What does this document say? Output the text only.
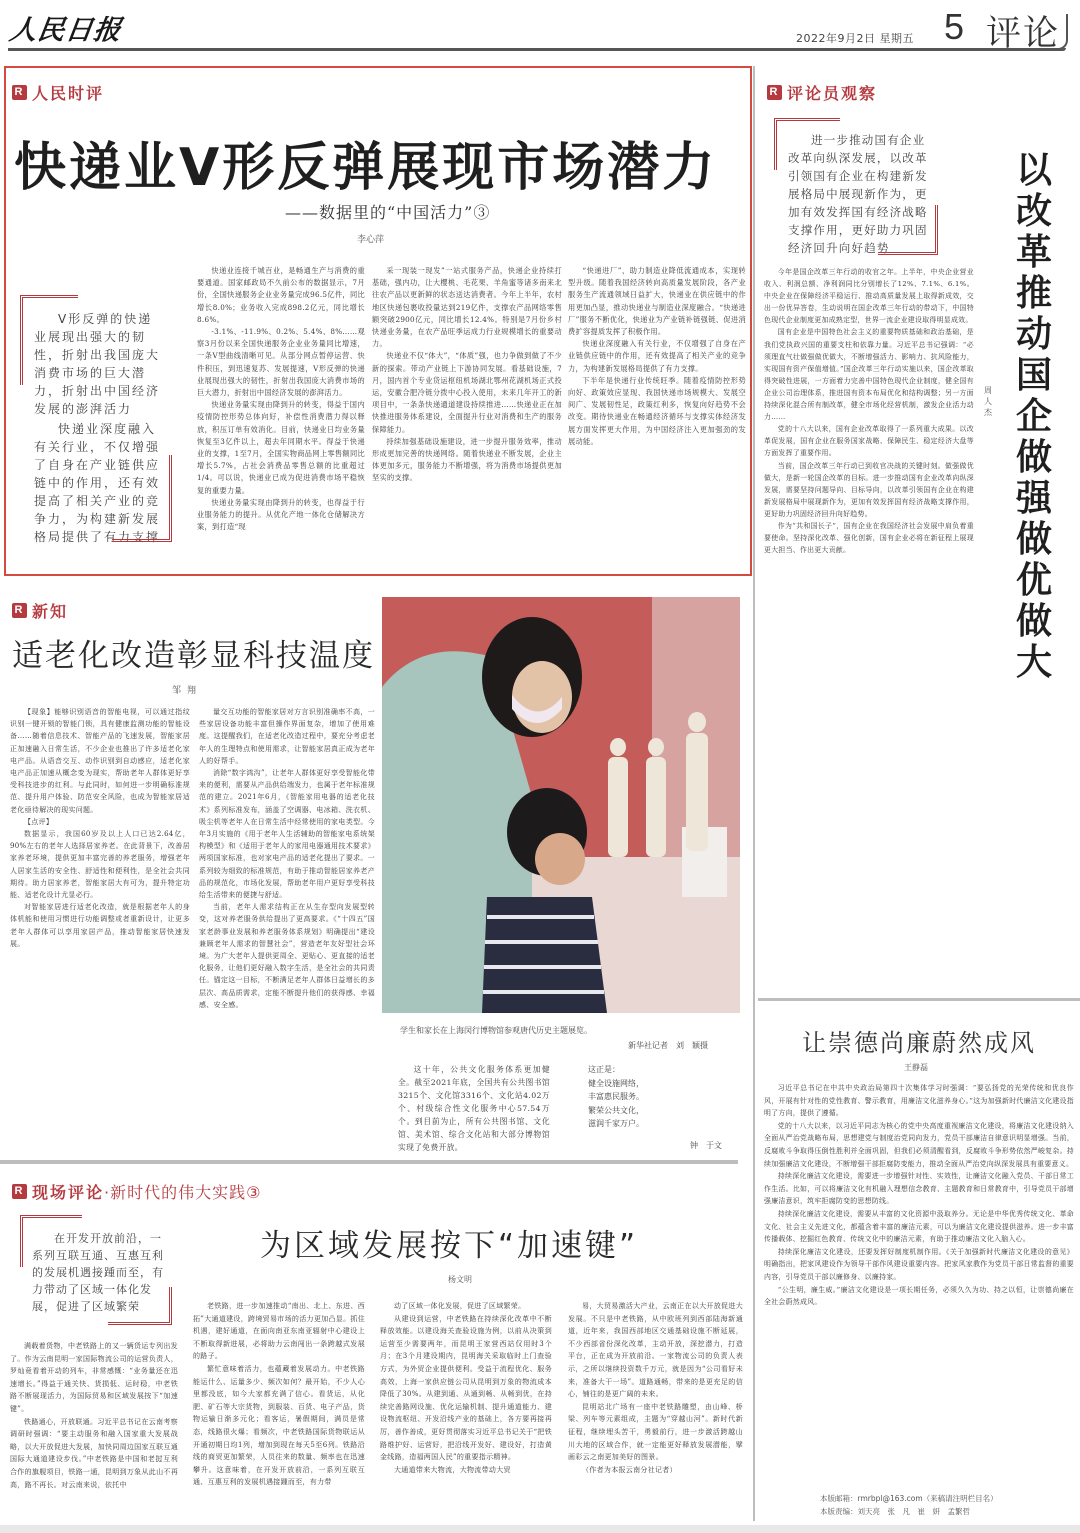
人民日报	2022年9月2日 星期五 5 评论
R 人民时评
快递业V形反弹展现市场潜力
——数据里的“中国活力”③
李心萍
V形反弹的快递业展现出强大的韧性，折射出我国庞大消费市场的巨大潜力，折射出中国经济发展的澎湃活力
快递业深度融入有关行业，不仅增强了自身在产业链供应链中的作用，还有效提高了相关产业的竞争力，为构建新发展格局提供了有力支撑

快递业连接千城百业，是畅通生产与消费的重要通道。国家邮政局不久前公布的数据显示，7月份，全国快递服务企业业务量完成96.5亿件，同比增长8.0%；业务收入完成898.2亿元，同比增长8.6%。

-3.1%、-11.9%、0.2%、5.4%、8%……观察3月份以来全国快递服务企业业务量同比增速，一条V型曲线清晰可见。从部分网点暂停运营、快件积压，到迅速复苏、发展提速，V形反弹的快递业展现出强大的韧性，折射出我国庞大消费市场的巨大潜力，折射出中国经济发展的澎湃活力。

快递业务量实现由降到升的转变，得益于国内疫情防控形势总体向好，补偿性消费潜力得以释放，积压订单有效消化。目前，快递业日均业务量恢复至3亿件以上，超去年同期水平。得益于快递业的支撑，1至7月，全国实物商品网上零售额同比增长5.7%，占社会消费品零售总额的比重超过1/4。可以说，快递业已成为促进消费市场平稳恢复的重要力量。

快递业务量实现由降到升的转变，也得益于行业服务能力的提升。从优化产地一体化仓储解决方案，到打造“现

采一现装一现发”一站式服务产品，快递企业持续打基础，强内功，让大樱桃、毛花果、羊角蜜等诸多南来北往农产品以更新鲜的状态送达消费者。今年上半年，农村地区快递包裹收投量达到219亿件，支撑农产品网络零售额突破2900亿元，同比增长12.4%。特别是7月份乡村快递业务量，在农产品旺季运成力行业规模增长的重要动力。

快递业不仅“体大”，“体质”强，也力争做到做了不少新的探索。带动产业链上下游协同发展。看基础设施，7月，国内首个专业货运枢纽机场湖北鄂州花湖机场正式投运，安徽合肥冷链分拨中心投入使用，未来几年开工的新项目中，一条条快递通道建设持续推进……快递业正在加快推进服务体系建设，全面提升行业对消费和生产的服务保障能力。

持续加强基础设施建设，进一步提升服务效率，推动形成更加完善的快递网络。随着快递业不断发展，企业主体更加多元，服务能力不断增强，将为消费市场提供更加坚实的支撑。

“快递进厂”，助力制造业降低流通成本，实现转型升级。随着我国经济转向高质量发展阶段，各产业服务生产流通领域日益扩大，快递业在供应链中的作用更加凸显，推动快递业与制造业深度融合。“快递进厂”服务不断优化，快递业为产业链补链强链、促进消费扩容提质发挥了积极作用。

快递业深度融入有关行业，不仅增强了自身在产业链供应链中的作用，还有效提高了相关产业的竞争力，为构建新发展格局提供了有力支撑。

下半年是快递行业传统旺季。随着疫情防控形势向好、政策效应显现、我国快递市场规模大、发展空间广、发展韧性足，政策红利多，恢复向好趋势不会改变。期待快递业在畅通经济循环与支撑实体经济发展方面发挥更大作用，为中国经济注入更加强劲的发展动能。

R 评论员观察
进一步推动国有企业改革向纵深发展，以改革引领国有企业在构建新发展格局中展现新作为，更加有效发挥国有经济战略支撑作用，更好助力巩固经济回升向好趋势
以改革推动国企做强做优做大
周人杰

今年是国企改革三年行动的收官之年。上半年，中央企业营业收入、利润总额、净利润同比分别增长了12%、7.1%、6.1%。中央企业在保障经济平稳运行、推动高质量发展上取得新成效，交出一份优异答卷，生动说明在国企改革三年行动的带动下，中国特色现代企业制度更加成熟定型，世界一流企业建设取得明显成效。

国有企业是中国特色社会主义的重要物质基础和政治基础，是我们党执政兴国的重要支柱和依靠力量。习近平总书记强调：“必须理直气壮做强做优做大，不断增强活力、影响力、抗风险能力，实现国有资产保值增值。”国企改革三年行动实施以来，国企改革取得突破性进展，一方面着力完善中国特色现代企业制度，健全国有企业公司治理体系，推进国有资本布局优化和结构调整；另一方面持续深化混合所有制改革，健全市场化经营机制，激发企业活力动力……

党的十八大以来，国有企业改革取得了一系列重大成果。以改革促发展，国有企业在服务国家战略、保障民生、稳定经济大盘等方面发挥了重要作用。

当前，国企改革三年行动已到收官决战的关键时刻。做强做优做大，是新一轮国企改革的目标。进一步推动国有企业改革向纵深发展，需要坚持问题导向、目标导向，以改革引领国有企业在构建新发展格局中展现新作为，更加有效发挥国有经济战略支撑作用，更好助力巩固经济回升向好趋势。

作为“共和国长子”，国有企业在我国经济社会发展中肩负着重要使命。坚持深化改革、强化创新，国有企业必将在新征程上展现更大担当、作出更大贡献。

R 新知
适老化改造彰显科技温度
邹翔

【现象】能够识别语音的智能电视，可以通过指纹识别一键开锁的智能门锁，具有健康监测功能的智能设备……随着信息技术、智能产品的飞速发展，智能家居正加速融入日常生活，不少企业也推出了许多适老化家电产品。从语音交互、动作识别到自动感应，适老化家电产品正加速从概念变为现实，帮助老年人群体更好享受科技进步的红利。与此同时，如何进一步明确标准规范、提升用户体验、防范安全风险，也成为智能家居适老化亟待解决的现实问题。

【点评】

数据显示，我国60岁及以上人口已达2.64亿，90%左右的老年人选择居家养老。在此背景下，改善居家养老环境，提供更加丰富完善的养老服务，增强老年人居家生活的安全性、舒适性和便利性，是全社会共同期待。助力居家养老，智能家居大有可为，提升特定功能、适老化设计尤显必行。

对智能家居进行适老化改造，就是根据老年人的身体机能和使用习惯进行功能调整或者重新设计，让更多老年人群体可以享用家居产品，推动智能家居快速发展。

量交互功能的智能家居对方言识别准确率不高，一些家居设备功能丰富但操作界面复杂，增加了使用难度。这提醒我们，在适老化改造过程中，要充分考虑老年人的生理特点和使用需求，让智能家居真正成为老年人的好帮手。

消除“数字鸿沟”，让老年人群体更好享受智能化带来的便利，需要从产品供给端发力，也属于老年标准规范的建立。2021年6月，《智能家用电器的适老化技术》系列标准发布，涵盖了空调器、电冰箱、洗衣机、吸尘机等老年人在日常生活中经常使用的家电类型。今年3月实施的《用于老年人生活辅助的智能家电系统架构模型》和《适用于老年人的家用电器通用技术要求》两项国家标准，也对家电产品的适老化提出了要求。一系列较为细致的标准规范，有助于推动智能居家养老产品的规范化，市场化发展，帮助老年用户更好享受科技给生活带来的便捷与舒适。

当前，老年人需求结构正在从生存型向发展型转变，这对养老服务供给提出了更高要求。《“十四五”国家老龄事业发展和养老服务体系规划》明确提出“建设兼顾老年人需求的智慧社会”，营造老年友好型社会环境。为广大老年人提供更周全、更贴心、更直接的适老化服务，让他们更好融入数字生活，是全社会的共同责任。锚定这一目标，不断满足老年人群体日益增长的多层次、高品质需求，定能不断提升他们的获得感、幸福感、安全感。

学生和家长在上海闵行博物馆参观唐代历史主题展览。
新华社记者　刘　颖摄

这十年，公共文化服务体系更加健全。截至2021年底，全国共有公共图书馆3215个、文化馆3316个、文化站4.02万个、村级综合性文化服务中心57.54万个。到目前为止，所有公共图书馆、文化馆、美术馆、综合文化站和大部分博物馆实现了免费开放。

这正是：
健全设施网络，
丰富惠民服务。
繁荣公共文化，
滋润千家万户。
钟　于文
让崇德尚廉蔚然成风
王静磊

习近平总书记在中共中央政治局第四十次集体学习时强调：“要弘扬党的光荣传统和优良作风，开展有针对性的党性教育、警示教育，用廉洁文化滋养身心。”这为加强新时代廉洁文化建设指明了方向，提供了遵循。

党的十八大以来，以习近平同志为核心的党中央高度重视廉洁文化建设，将廉洁文化建设纳入全面从严治党战略布局，思想建党与制度治党同向发力，党员干部廉洁自律意识明显增强。当前，反腐败斗争取得压倒性胜利并全面巩固，但我们必须清醒看到，反腐败斗争形势依然严峻复杂。持续加强廉洁文化建设，不断增强干部拒腐防变能力，推动全面从严治党向纵深发展具有重要意义。

持续深化廉洁文化建设，需要进一步增强针对性、实效性，让廉洁文化融入党员、干部日常工作生活。比如，可以将廉洁文化有机融入理想信念教育、主题教育和日常教育中，引导党员干部增强廉洁意识，筑牢拒腐防变的思想防线。

持续深化廉洁文化建设，需要从丰富的文化资源中汲取养分。无论是中华优秀传统文化、革命文化、社会主义先进文化，都蕴含着丰富的廉洁元素，可以为廉洁文化建设提供滋养。进一步丰富传播载体、挖掘红色教育、传统文化中的廉洁元素，有助于推动廉洁文化入脑入心。

持续深化廉洁文化建设，还要发挥好制度机制作用。《关于加强新时代廉洁文化建设的意见》明确指出，把家风建设作为领导干部作风建设重要内容。把家风家教作为党员干部日常监督的重要内容，引导党员干部以廉修身、以廉持家。

“公生明，廉生威。”廉洁文化建设是一项长期任务，必须久久为功、持之以恒，让崇德尚廉在全社会蔚然成风。

本版邮箱：rmrbpl@163.com（来稿请注明栏目名）
本版责编：刘天亮　张　凡　崔　妍　孟繁哲
R 现场评论 ·新时代的伟大实践③
在开发开放前沿，一系列互联互通、互惠互利的发展机遇接踵而至，有力带动了区域一体化发展，促进了区域繁荣
为区域发展按下“加速键”
杨文明

满载着货物，中老铁路上的又一辆货运专列出发了。作为云南昆明一家国际物流公司的运营负责人，罗灿竟看着开动的列车，非常感慨：“业务量还在迅速增长。”得益于通关快、货损低、运时稳，中老铁路不断展现活力，为国际贸易和区域发展按下“加速键”。

铁路通心，开放联通。习近平总书记在云南考察调研时强调：“要主动服务和融入国家重大发展战略，以大开放促进大发展，加快同周边国家互联互通国际大通道建设步伐。”中老铁路是中国和老挝互利合作的旗舰项目，铁路一通，昆明到万象从此山不再高，路不再长。对云南来说，依托中

老铁路，进一步加速推动“南出、北上、东进、西拓”大通道建设，跨境贸易市场的活力更加凸显。抓住机遇，建好通道，在面向南亚东南亚辐射中心建设上不断取得新进展，必将助力云南闯出一条跨越式发展的路子。

繁忙意味着活力，也蕴藏着发展动力。中老铁路能运什么、运量多少、频次如何？最开始，不少人心里都没底，如今大家都充满了信心。看货运，从化肥、矿石等大宗货物，到服装、百货、电子产品，货物运输日渐多元化；看客运，暑假期间，满员是常态，线路很火爆；看频次，中老铁路国际货物联运从开通初期日均1列，增加到现在每天5至6列。铁路沿线的商贸更加繁荣，人员往来的数量、频率也在迅速攀升。这意味着，在开发开放前沿，一系列互联互通、互惠互利的发展机遇接踵而至，有力带

动了区域一体化发展，促进了区域繁荣。

从建设到运营，中老铁路在持续深化改革中不断释放效能。以建设海关查验设施为例，以前从决策到运营至少需要两年，而昆明王家营西站仅用时3个月；在3个月建设期内，昆明海关采取临时上门查验方式，为外贸企业提供便利。受益于流程优化、服务高效，上海一家供应链公司从昆明到万象的物流成本降低了30%。从建到通、从通到畅、从畅到优，在持续完善路网设施、优化运输机制、提升通道能力、建设物流枢纽、开发沿线产业的基础上，各方要再接再厉，善作善成，更好贯彻落实习近平总书记关于“把铁路维护好、运营好，把沿线开发好、建设好，打造黄金线路，造福两国人民”的重要指示精神。

大通道带来大物流，大物流带动大贸

易，大贸易激活大产业，云南正在以大开放促进大发展。不只是中老铁路，从中欧班列到西部陆海新通道，近年来，我国西部地区交通基础设施不断延展，不少西部省份深化改革，主动开放，深挖潜力，打造平台，正在成为开放前沿。一家物流公司的负责人表示，之所以继续投资数千万元，就是因为“公司看好未来，准备大干一场”。道路通畅，带来的是更充足的信心，铺往的是更广阔的未来。

昆明站北广场有一座中老铁路雕塑，由山峰、桥梁、列车等元素组成，主题为“穿越山河”。新时代新征程，继续埋头苦干，勇毅前行，进一步激活跨越山川大地的区域合作，就一定能更好释放发展潜能，擘画彩云之南更加美好的图景。

（作者为本报云南分社记者）
